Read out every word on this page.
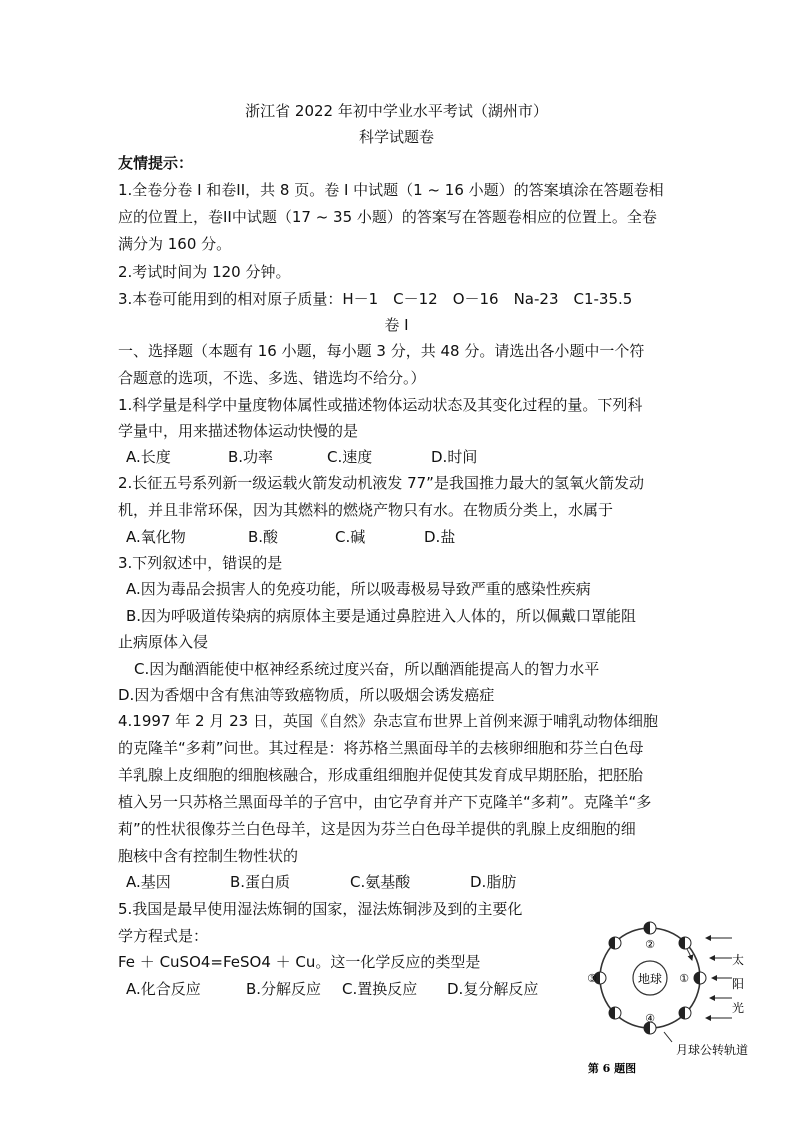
浙江省 2022 年初中学业水平考试（湖州市）
科学试题卷
友情提示：
1.全卷分卷 I 和卷II，共 8 页。卷 I 中试题（1 ~ 16 小题）的答案填涂在答题卷相
应的位置上，卷II中试题（17 ~ 35 小题）的答案写在答题卷相应的位置上。全卷
满分为 160 分。
2.考试时间为 120 分钟。
3.本卷可能用到的相对原子质量：H－1　C－12　O－16　Na-23　C1-35.5
卷 I
一、选择题（本题有 16 小题，每小题 3 分，共 48 分。请选出各小题中一个符
合题意的选项，不选、多选、错选均不给分。）
1.科学量是科学中量度物体属性或描述物体运动状态及其变化过程的量。下列科
学量中，用来描述物体运动快慢的是
A.长度	B.功率	C.速度	D.时间
2.长征五号系列新一级运载火箭发动机液发 77”是我国推力最大的氢氧火箭发动
机，并且非常环保，因为其燃料的燃烧产物只有水。在物质分类上，水属于
A.氧化物	B.酸	C.碱	D.盐
3.下列叙述中，错误的是
A.因为毒品会损害人的免疫功能，所以吸毒极易导致严重的感染性疾病
B.因为呼吸道传染病的病原体主要是通过鼻腔进入人体的，所以佩戴口罩能阻
止病原体入侵
C.因为酗酒能使中枢神经系统过度兴奋，所以酗酒能提高人的智力水平
D.因为香烟中含有焦油等致癌物质，所以吸烟会诱发癌症
4.1997 年 2 月 23 日，英国《自然》杂志宣布世界上首例来源于哺乳动物体细胞
的克隆羊“多莉”问世。其过程是：将苏格兰黑面母羊的去核卵细胞和芬兰白色母
羊乳腺上皮细胞的细胞核融合，形成重组细胞并促使其发育成早期胚胎，把胚胎
植入另一只苏格兰黑面母羊的子宫中，由它孕育并产下克隆羊“多莉”。克隆羊“多
莉”的性状很像芬兰白色母羊，这是因为芬兰白色母羊提供的乳腺上皮细胞的细
胞核中含有控制生物性状的
A.基因	B.蛋白质	C.氨基酸	D.脂肪
5.我国是最早使用湿法炼铜的国家，湿法炼铜涉及到的主要化
学方程式是：
Fe ＋ CuSO4=FeSO4 ＋ Cu。这一化学反应的类型是
A.化合反应	B.分解反应 C.置换反应 D.复分解反应
地球 ①
②
③
④
太
阳
光
月球公转轨道
第 6 题图
